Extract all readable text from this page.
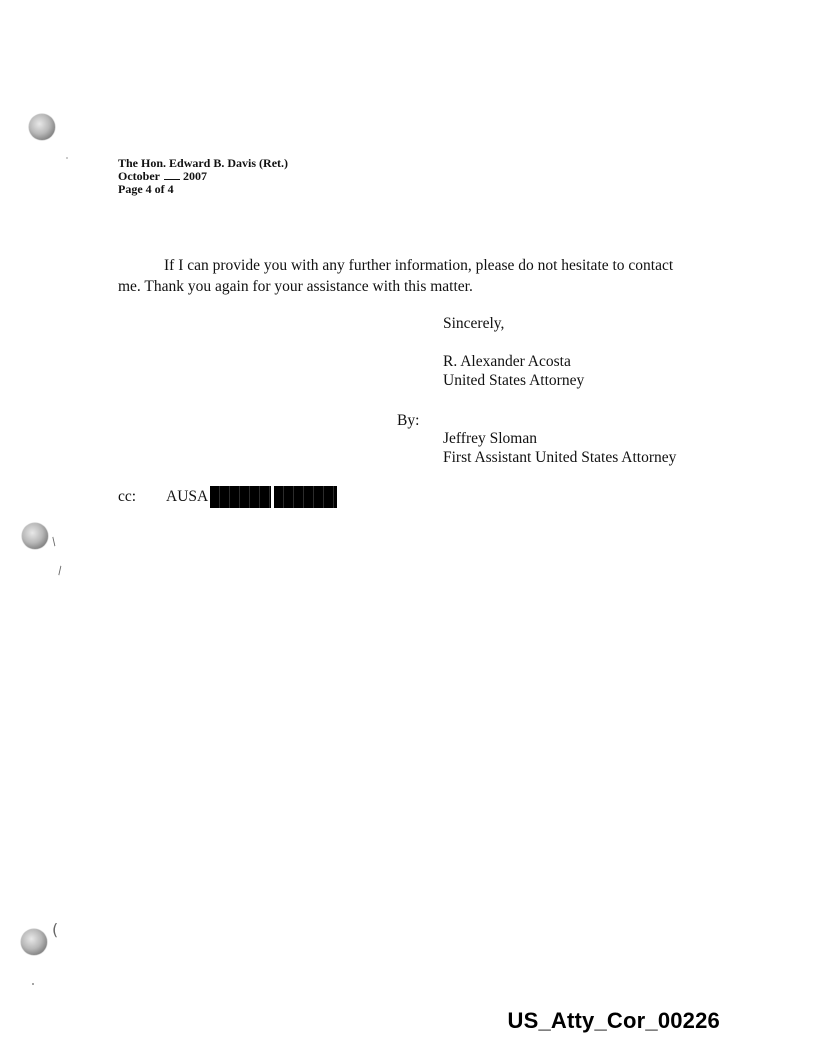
/
\
(
The Hon. Edward B. Davis (Ret.)
October 2007
Page 4 of 4
If I can provide you with any further information, please do not hesitate to contact
me. Thank you again for your assistance with this matter.
Sincerely,
R. Alexander Acosta
United States Attorney
By:
Jeffrey Sloman
First Assistant United States Attorney
cc:	AUSA
US_Atty_Cor_00226
